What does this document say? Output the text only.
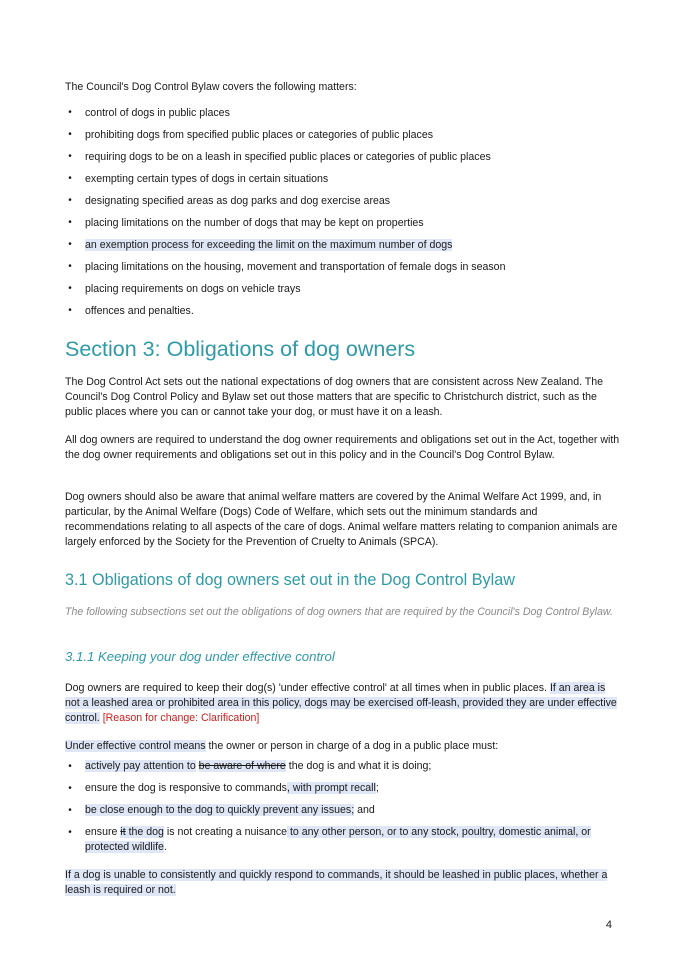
The Council's Dog Control Bylaw covers the following matters:

•	control of dogs in public places
•	prohibiting dogs from specified public places or categories of public places
•	requiring dogs to be on a leash in specified public places or categories of public places
•	exempting certain types of dogs in certain situations
•	designating specified areas as dog parks and dog exercise areas
•	placing limitations on the number of dogs that may be kept on properties
•	an exemption process for exceeding the limit on the maximum number of dogs
•	placing limitations on the housing, movement and transportation of female dogs in season
•	placing requirements on dogs on vehicle trays
•	offences and penalties.
Section 3: Obligations of dog owners

The Dog Control Act sets out the national expectations of dog owners that are consistent across New Zealand. The Council's Dog Control Policy and Bylaw set out those matters that are specific to Christchurch district, such as the public places where you can or cannot take your dog, or must have it on a leash.

All dog owners are required to understand the dog owner requirements and obligations set out in the Act, together with the dog owner requirements and obligations set out in this policy and in the Council's Dog Control Bylaw.

Dog owners should also be aware that animal welfare matters are covered by the Animal Welfare Act 1999, and, in particular, by the Animal Welfare (Dogs) Code of Welfare, which sets out the minimum standards and recommendations relating to all aspects of the care of dogs. Animal welfare matters relating to companion animals are largely enforced by the Society for the Prevention of Cruelty to Animals (SPCA).

3.1 Obligations of dog owners set out in the Dog Control Bylaw

The following subsections set out the obligations of dog owners that are required by the Council's Dog Control Bylaw.

3.1.1 Keeping your dog under effective control

Dog owners are required to keep their dog(s) 'under effective control' at all times when in public places. If an area is not a leashed area or prohibited area in this policy, dogs may be exercised off-leash, provided they are under effective control. [Reason for change: Clarification]

Under effective control means the owner or person in charge of a dog in a public place must:

•	actively pay attention to be aware of where the dog is and what it is doing;
•	ensure the dog is responsive to commands, with prompt recall;
•	be close enough to the dog to quickly prevent any issues; and
•	ensure it the dog is not creating a nuisance to any other person, or to any stock, poultry, domestic animal, or protected wildlife.

If a dog is unable to consistently and quickly respond to commands, it should be leashed in public places, whether a leash is required or not.

4
